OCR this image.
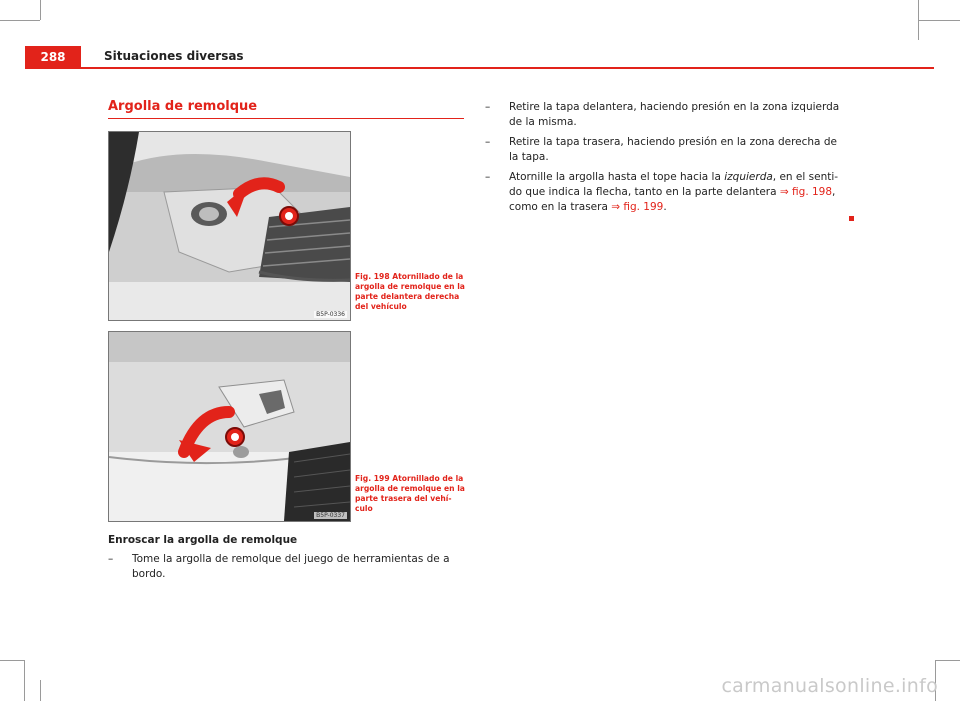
288	Situaciones diversas
Argolla de remolque
B5P-0336
Fig. 198 Atornillado de la argolla de remolque en la parte delantera derecha del vehículo
B5P-0337
Fig. 199 Atornillado de la argolla de remolque en la parte trasera del vehículo
Enroscar la argolla de remolque
– Tome la argolla de remolque del juego de herramientas de a bordo.
– Retire la tapa delantera, haciendo presión en la zona izquierda de la misma.
– Retire la tapa trasera, haciendo presión en la zona derecha de la tapa.
– Atornille la argolla hasta el tope hacia la izquierda, en el sentido que indica la flecha, tanto en la parte delantera ⇒ fig. 198, como en la trasera ⇒ fig. 199.
carmanualsonline.info
